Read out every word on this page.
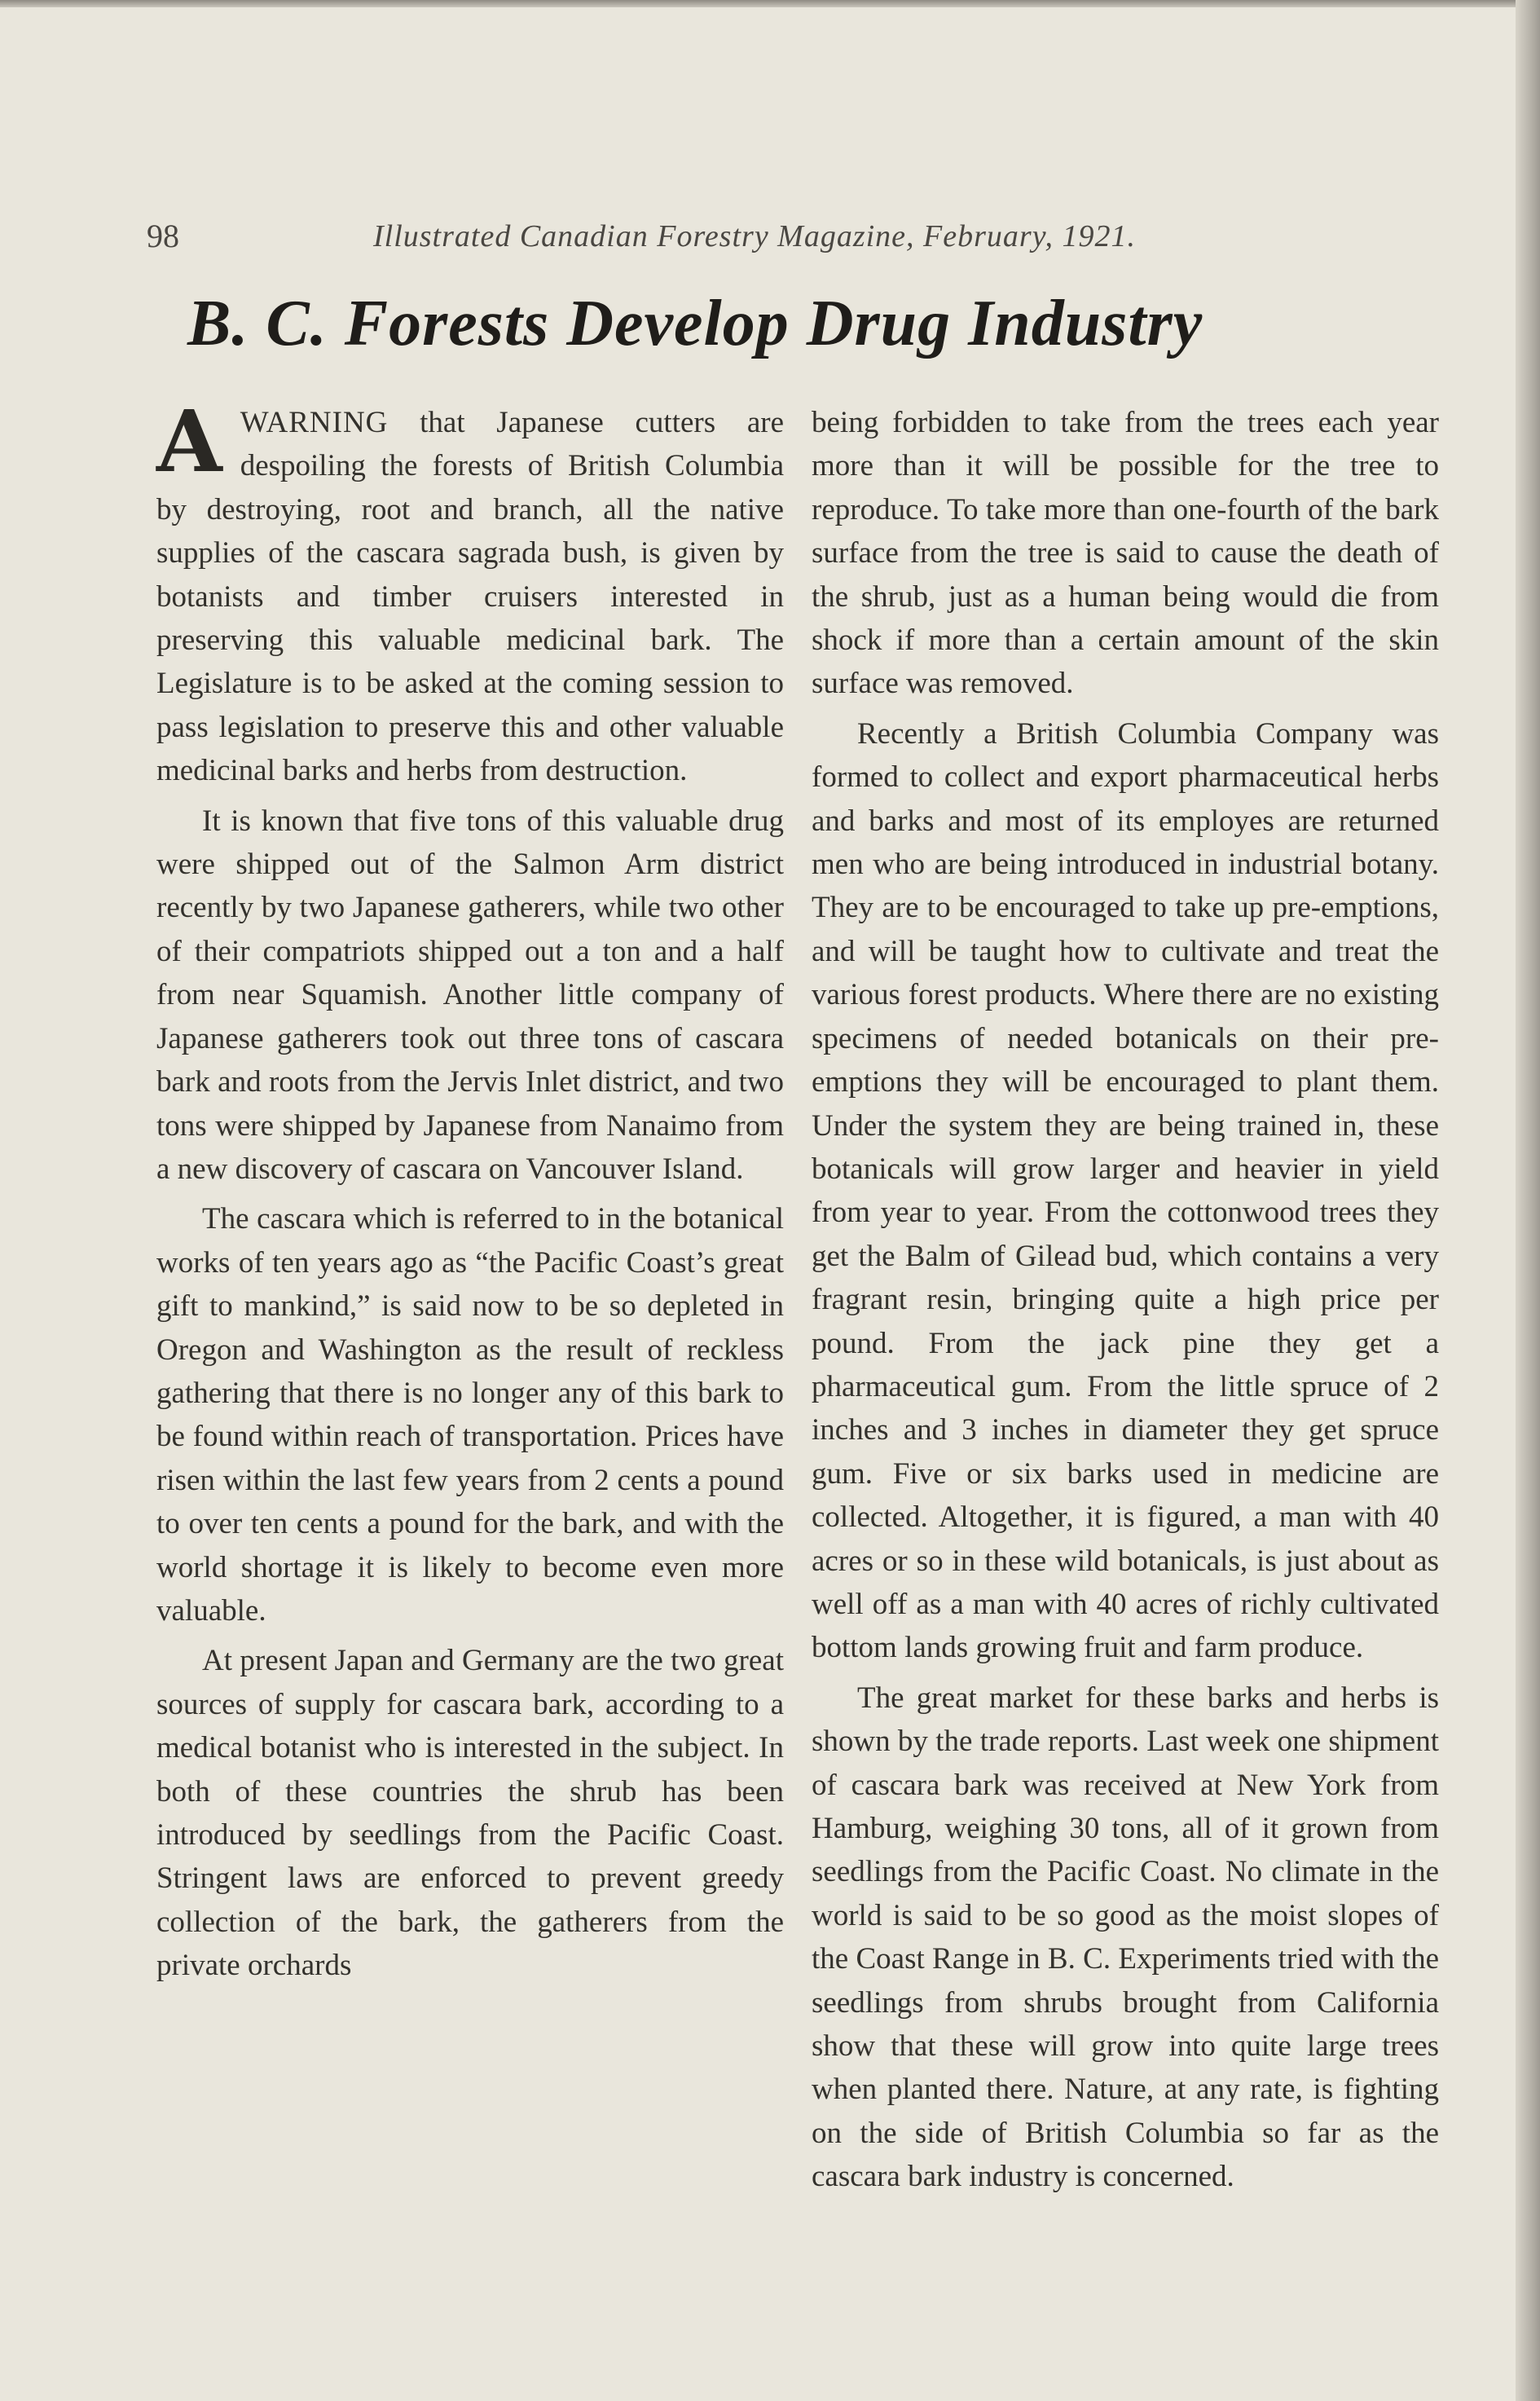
98	Illustrated Canadian Forestry Magazine, February, 1921.
B. C. Forests Develop Drug Industry

AWARNING that Japanese cutters are despoiling the forests of British Columbia by destroying, root and branch, all the native supplies of the cascara sagrada bush, is given by botanists and timber cruisers interested in preserving this valuable medicinal bark. The Legislature is to be asked at the coming session to pass legislation to preserve this and other valuable medicinal barks and herbs from destruction.

It is known that five tons of this valuable drug were shipped out of the Salmon Arm district recently by two Japanese gatherers, while two other of their compatriots shipped out a ton and a half from near Squamish. Another little company of Japanese gatherers took out three tons of cascara bark and roots from the Jervis Inlet district, and two tons were shipped by Japanese from Nanaimo from a new discovery of cascara on Vancouver Island.

The cascara which is referred to in the botanical works of ten years ago as “the Pacific Coast’s great gift to mankind,” is said now to be so depleted in Oregon and Washington as the result of reckless gathering that there is no longer any of this bark to be found within reach of transportation. Prices have risen within the last few years from 2 cents a pound to over ten cents a pound for the bark, and with the world shortage it is likely to become even more valuable.

At present Japan and Germany are the two great sources of supply for cascara bark, according to a medical botanist who is interested in the subject. In both of these countries the shrub has been introduced by seedlings from the Pacific Coast. Stringent laws are enforced to prevent greedy collection of the bark, the gatherers from the private orchards

being forbidden to take from the trees each year more than it will be possible for the tree to reproduce. To take more than one-fourth of the bark surface from the tree is said to cause the death of the shrub, just as a human being would die from shock if more than a certain amount of the skin surface was removed.

Recently a British Columbia Company was formed to collect and export pharmaceutical herbs and barks and most of its employes are returned men who are being introduced in industrial botany. They are to be encouraged to take up pre-emptions, and will be taught how to cultivate and treat the various forest products. Where there are no existing specimens of needed botanicals on their pre-emptions they will be encouraged to plant them. Under the system they are being trained in, these botanicals will grow larger and heavier in yield from year to year. From the cottonwood trees they get the Balm of Gilead bud, which contains a very fragrant resin, bringing quite a high price per pound. From the jack pine they get a pharmaceutical gum. From the little spruce of 2 inches and 3 inches in diameter they get spruce gum. Five or six barks used in medicine are collected. Altogether, it is figured, a man with 40 acres or so in these wild botanicals, is just about as well off as a man with 40 acres of richly cultivated bottom lands growing fruit and farm produce.

The great market for these barks and herbs is shown by the trade reports. Last week one shipment of cascara bark was received at New York from Hamburg, weighing 30 tons, all of it grown from seedlings from the Pacific Coast. No climate in the world is said to be so good as the moist slopes of the Coast Range in B. C. Experiments tried with the seedlings from shrubs brought from California show that these will grow into quite large trees when planted there. Nature, at any rate, is fighting on the side of British Columbia so far as the cascara bark industry is concerned.
